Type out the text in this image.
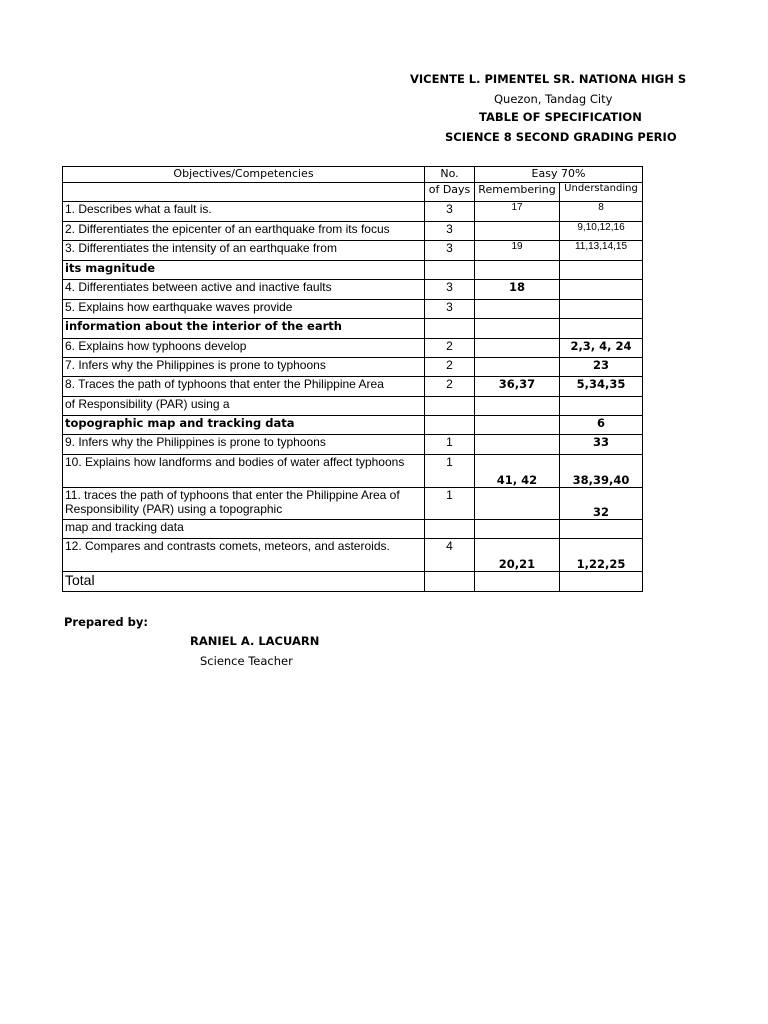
VICENTE L. PIMENTEL SR. NATIONA HIGH S
Quezon, Tandag City
TABLE OF SPECIFICATION
SCIENCE 8 SECOND GRADING PERIO
Objectives/Competencies	No.	Easy 70%	
	of Days	Remembering	Understanding
1. Describes what a fault is.	3	17	8
2. Differentiates the epicenter of an earthquake from its focus	3		9,10,12,16
3. Differentiates the intensity of an earthquake from	3	19	11,13,14,15
its magnitude			
4. Differentiates between active and inactive faults	3	18	
5. Explains how earthquake waves provide	3		
information about the interior of the earth			
6. Explains how typhoons develop	2		2,3, 4, 24
7. Infers why the Philippines is prone to typhoons	2		23
8. Traces the path of typhoons that enter the Philippine Area	2	36,37	5,34,35
of Responsibility (PAR) using a			
topographic map and tracking data			6
9. Infers why the Philippines is prone to typhoons	1		33
10. Explains how landforms and bodies of water affect typhoons	1	41, 42	38,39,40
11. traces the path of typhoons that enter the Philippine Area of Responsibility (PAR) using a topographic	1		32
map and tracking data			
12. Compares and contrasts comets, meteors, and asteroids.	4	20,21	1,22,25
Total			
Prepared by:
RANIEL A. LACUARN
Science Teacher
